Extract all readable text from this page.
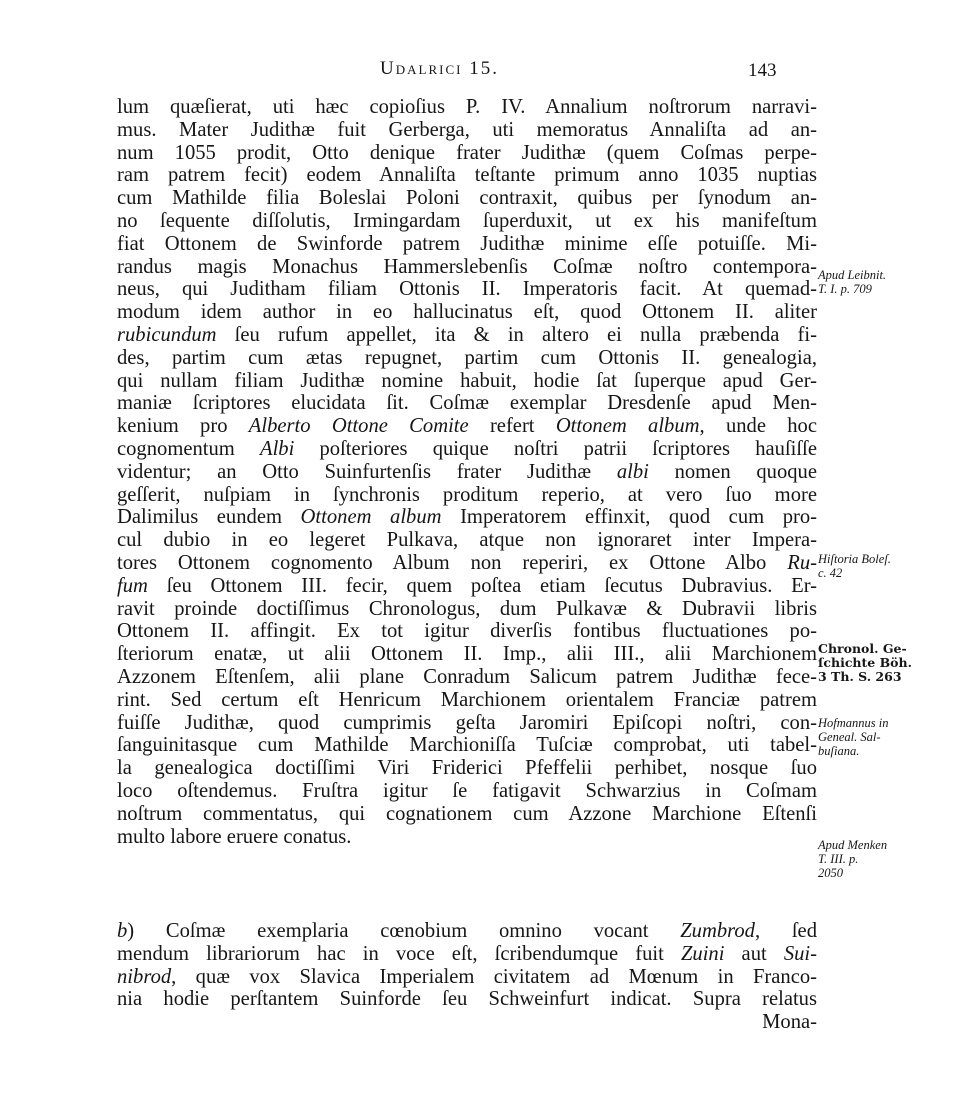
Udalrici 15.	143
lum quæſierat, uti hæc copioſius P. IV. Annalium noſtrorum narravi-
mus. Mater Judithæ fuit Gerberga, uti memoratus Annaliſta ad an-
num 1055 prodit, Otto denique frater Judithæ (quem Coſmas perpe-
ram patrem fecit) eodem Annaliſta teſtante primum anno 1035 nuptias
cum Mathilde filia Boleslai Poloni contraxit, quibus per ſynodum an-
no ſequente diſſolutis, Irmingardam ſuperduxit, ut ex his manifeſtum
fiat Ottonem de Swinforde patrem Judithæ minime eſſe potuiſſe. Mi-
randus magis Monachus Hammerslebenſis Coſmæ noſtro contempora-
neus, qui Juditham filiam Ottonis II. Imperatoris facit. At quemad-
modum idem author in eo hallucinatus eſt, quod Ottonem II. aliter
rubicundum ſeu rufum appellet, ita & in altero ei nulla præbenda fi-
des, partim cum ætas repugnet, partim cum Ottonis II. genealogia,
qui nullam filiam Judithæ nomine habuit, hodie ſat ſuperque apud Ger-
maniæ ſcriptores elucidata ſit. Coſmæ exemplar Dresdenſe apud Men-
kenium pro Alberto Ottone Comite refert Ottonem album, unde hoc
cognomentum Albi poſteriores quique noſtri patrii ſcriptores hauſiſſe
videntur; an Otto Suinfurtenſis frater Judithæ albi nomen quoque
geſſerit, nuſpiam in ſynchronis proditum reperio, at vero ſuo more
Dalimilus eundem Ottonem album Imperatorem effinxit, quod cum pro-
cul dubio in eo legeret Pulkava, atque non ignoraret inter Impera-
tores Ottonem cognomento Album non reperiri, ex Ottone Albo Ru-
fum ſeu Ottonem III. fecir, quem poſtea etiam ſecutus Dubravius. Er-
ravit proinde doctiſſimus Chronologus, dum Pulkavæ & Dubravii libris
Ottonem II. affingit. Ex tot igitur diverſis fontibus fluctuationes po-
ſteriorum enatæ, ut alii Ottonem II. Imp., alii III., alii Marchionem
Azzonem Eſtenſem, alii plane Conradum Salicum patrem Judithæ fece-
rint. Sed certum eſt Henricum Marchionem orientalem Franciæ patrem
fuiſſe Judithæ, quod cumprimis geſta Jaromiri Epiſcopi noſtri, con-
ſanguinitasque cum Mathilde Marchioniſſa Tuſciæ comprobat, uti tabel-
la genealogica doctiſſimi Viri Friderici Pfeffelii perhibet, nosque ſuo
loco oſtendemus. Fruſtra igitur ſe fatigavit Schwarzius in Coſmam
noſtrum commentatus, qui cognationem cum Azzone Marchione Eſtenſi
multo labore eruere conatus.
b) Coſmæ exemplaria cœnobium omnino vocant Zumbrod, ſed
mendum librariorum hac in voce eſt, ſcribendumque fuit Zuini aut Sui-
nibrod, quæ vox Slavica Imperialem civitatem ad Mœnum in Franco-
nia hodie perſtantem Suinforde ſeu Schweinfurt indicat. Supra relatus
Mona-
Apud Leibnit.
T. I. p. 709
Hiſtoria Boleſ.
c. 42
Chronol. Ge-
ſchichte Böh.
3 Th. S. 263
Hofmannus in
Geneal. Sal-
buſiana.
Apud Menken
T. III. p.
2050
